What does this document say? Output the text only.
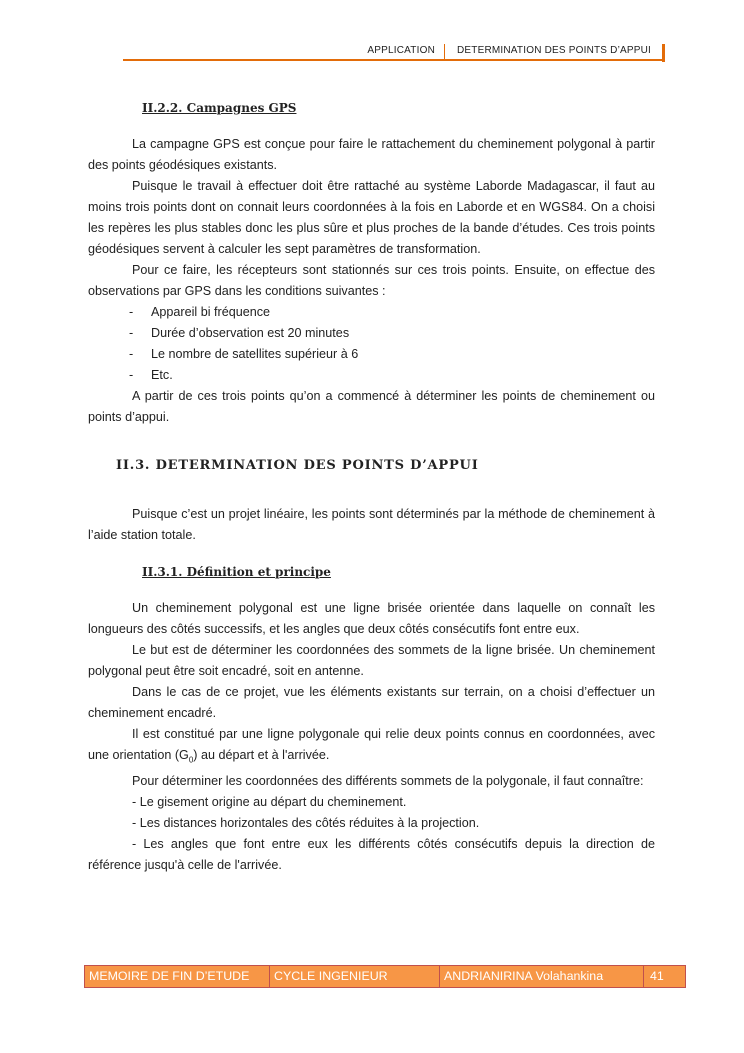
APPLICATION DETERMINATION DES POINTS D’APPUI
II.2.2. Campagnes GPS

La campagne GPS est conçue pour faire le rattachement du cheminement polygonal à partir des points géodésiques existants.

Puisque le travail à effectuer doit être rattaché au système Laborde Madagascar, il faut au moins trois points dont on connait leurs coordonnées à la fois en Laborde et en WGS84. On a choisi les repères les plus stables donc les plus sûre et plus proches de la bande d’études. Ces trois points géodésiques servent à calculer les sept paramètres de transformation.

Pour ce faire, les récepteurs sont stationnés sur ces trois points. Ensuite, on effectue des observations par GPS dans les conditions suivantes :

- Appareil bi fréquence
- Durée d’observation est 20 minutes
- Le nombre de satellites supérieur à 6
- Etc.

A partir de ces trois points qu’on a commencé à déterminer les points de cheminement ou points d’appui.

II.3. DETERMINATION DES POINTS D’APPUI

Puisque c’est un projet linéaire, les points sont déterminés par la méthode de cheminement à l’aide station totale.

II.3.1. Définition et principe

Un cheminement polygonal est une ligne brisée orientée dans laquelle on connaît les longueurs des côtés successifs, et les angles que deux côtés consécutifs font entre eux.

Le but est de déterminer les coordonnées des sommets de la ligne brisée. Un cheminement polygonal peut être soit encadré, soit en antenne.

Dans le cas de ce projet, vue les éléments existants sur terrain, on a choisi d’effectuer un cheminement encadré.

Il est constitué par une ligne polygonale qui relie deux points connus en coordonnées, avec une orientation $(G_0)$ au départ et à l'arrivée.

Pour déterminer les coordonnées des différents sommets de la polygonale, il faut connaître:

- Le gisement origine au départ du cheminement.

- Les distances horizontales des côtés réduites à la projection.

- Les angles que font entre eux les différents côtés consécutifs depuis la direction de référence jusqu'à celle de l'arrivée.

MEMOIRE DE FIN D’ETUDE	CYCLE INGENIEUR	ANDRIANIRINA Volahankina	41
